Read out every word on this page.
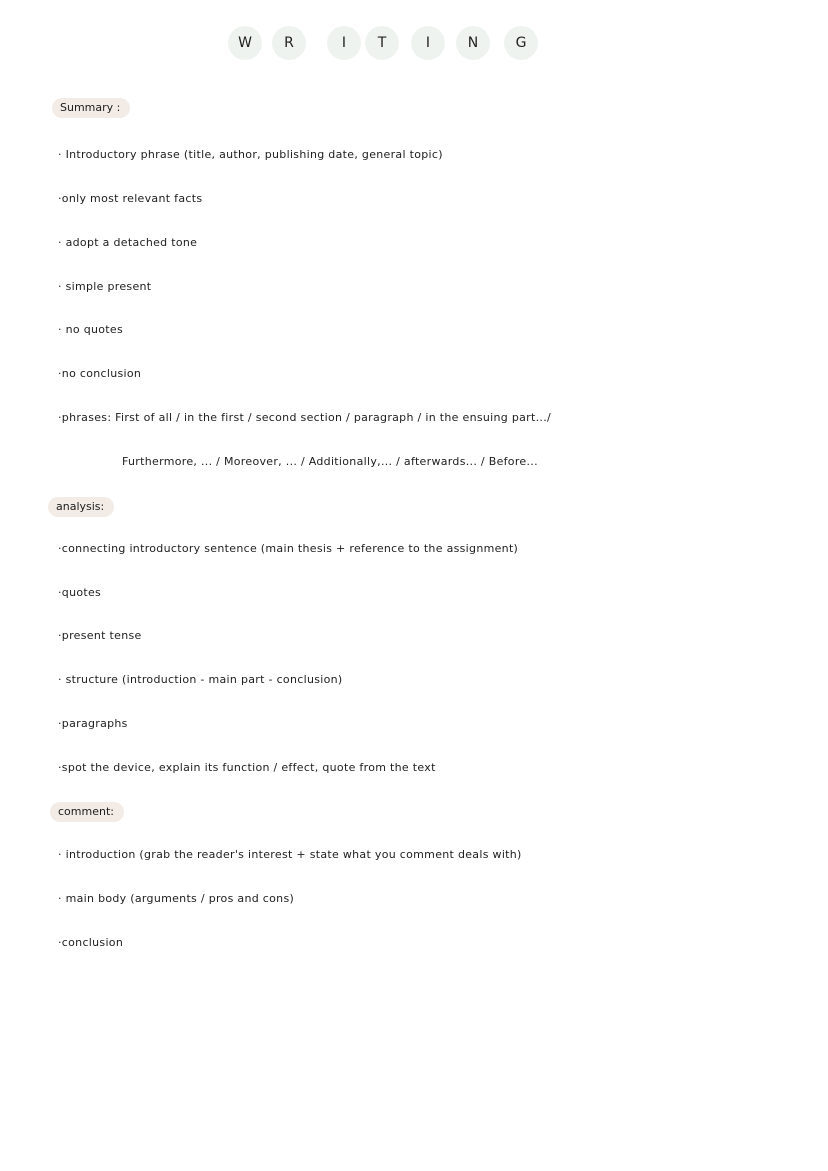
W	R	I	T	I	N	G
Summary :
· Introductory phrase (title, author, publishing date, general topic)
·only most relevant facts
· adopt a detached tone
· simple present
· no quotes
·no conclusion
·phrases: First of all / in the first / second section / paragraph / in the ensuing part.../
Furthermore, ... / Moreover, ... / Additionally,... / afterwards... / Before...
analysis:
·connecting introductory sentence (main thesis + reference to the assignment)
·quotes
·present tense
· structure (introduction - main part - conclusion)
·paragraphs
·spot the device, explain its function / effect, quote from the text
comment:
· introduction (grab the reader's interest + state what you comment deals with)
· main body (arguments / pros and cons)
·conclusion
